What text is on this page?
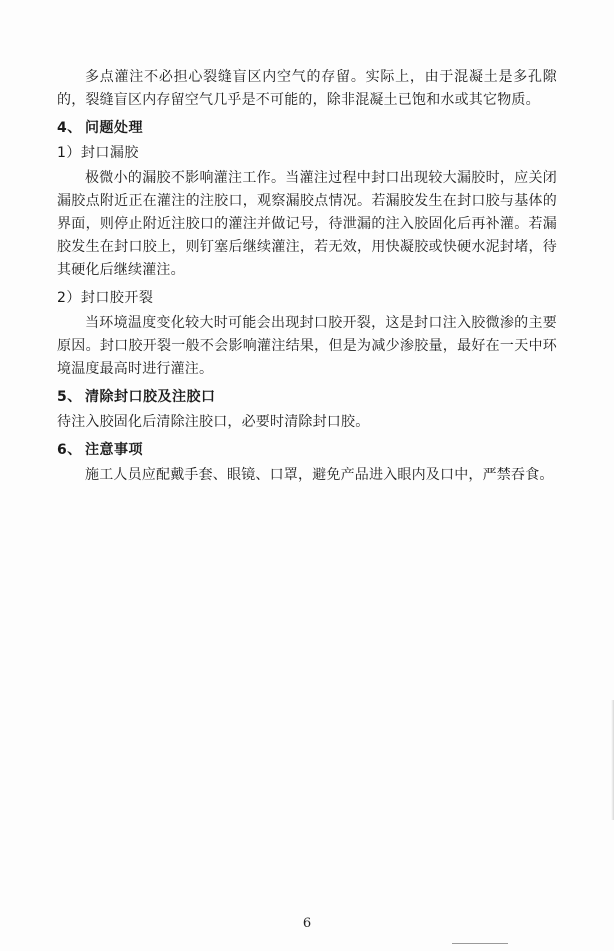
多点灌注不必担心裂缝盲区内空气的存留。实际上，由于混凝土是多孔隙的，裂缝盲区内存留空气几乎是不可能的，除非混凝土已饱和水或其它物质。

4、 问题处理
1）封口漏胶

极微小的漏胶不影响灌注工作。当灌注过程中封口出现较大漏胶时，应关闭漏胶点附近正在灌注的注胶口，观察漏胶点情况。若漏胶发生在封口胶与基体的界面，则停止附近注胶口的灌注并做记号，待泄漏的注入胶固化后再补灌。若漏胶发生在封口胶上，则钉塞后继续灌注，若无效，用快凝胶或快硬水泥封堵，待其硬化后继续灌注。

2）封口胶开裂

当环境温度变化较大时可能会出现封口胶开裂，这是封口注入胶微渗的主要原因。封口胶开裂一般不会影响灌注结果，但是为减少渗胶量，最好在一天中环境温度最高时进行灌注。

5、 清除封口胶及注胶口

待注入胶固化后清除注胶口，必要时清除封口胶。

6、 注意事项

施工人员应配戴手套、眼镜、口罩，避免产品进入眼内及口中，严禁吞食。

6
